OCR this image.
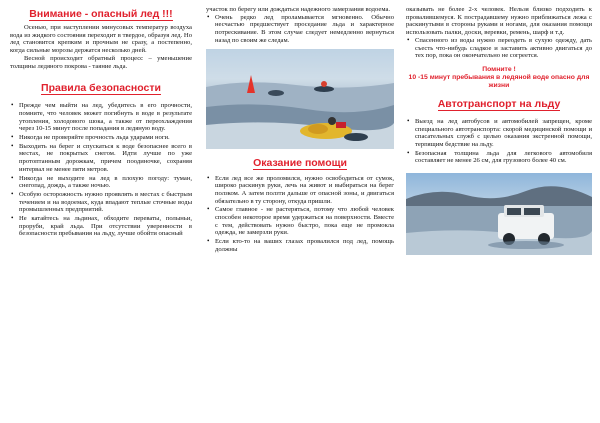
Внимание - опасный лед !!!

Осенью, при наступлении минусовых температур воздуха вода из жидкого состояния переходит в твердое, образуя лед. Но лед становится крепким и прочным не сразу, а постепенно, когда сильные морозы держатся несколько дней.

Весной происходит обратный процесс – уменьшение толщины ледяного покрова - таяние льда.

Правила безопасности
• Прежде чем выйти на лед, убедитесь в его прочности, помните, что человек может погибнуть в воде в результате утопления, холодового шока, а также от переохлаждения через 10-15 минут после попадания в ледяную воду.
• Никогда не проверяйте прочность льда ударами ноги.
• Выходить на берег и спускаться к воде безопаснее всего в местах, не покрытых снегом. Идти лучше по уже протоптанным дорожкам, причем поодиночке, сохраняя интервал не менее пяти метров.
• Никогда не выходите на лед в плохую погоду: туман, снегопад, дождь, а также ночью.
• Особую осторожность нужно проявлять в местах с быстрым течением и на водоемах, куда впадают теплые сточные воды промышленных предприятий.
• Не катайтесь на льдинах, обходите переваты, полыньи, проруби, край льда. При отсутствии уверенности в безопасности пребывания на льду, лучше обойти опасный

участок по берегу или дождаться надежного замерзания водоема.

• Очень редко лед проламывается мгновенно. Обычно несчастью предшествует проседание льда и характерное потрескивание. В этом случае следует немедленно вернуться назад по своим же следам.
Оказание помощи
• Если лед все же проломился, нужно освободиться от сумок, широко раскинув руки, лечь на живот и выбираться на берег ползком. А затем ползти дальше от опасной зоны, и двигаться обязательно в ту сторону, откуда пришли.
• Самое главное - не растеряться, потому что любой человек способен некоторое время удержаться на поверхности. Вместе с тем, действовать нужно быстро, пока еще не промокла одежда, не замерзли руки.
• Если кто-то на ваших глазах провалился под лед, помощь должны

оказывать не более 2-х человек. Нельзя близко подходить к провалившемуся. К пострадавшему нужно приближаться лежа с раскинутыми в стороны руками и ногами, для оказания помощи использовать палки, доски, веревки, ремень, шарф и т.д.

• Спасенного из воды нужно переодеть в сухую одежду, дать съесть что-нибудь сладкое и заставить активно двигаться до тех пор, пока он окончательно не согреется.
Помните !
10 -15 минут пребывания в ледяной воде опасно для жизни
Автотранспорт на льду
• Выезд на лед автобусов и автомобилей запрещен, кроме специального автотранспорта: скорой медицинской помощи и спасательных служб с целью оказания экстренной помощи, терпящим бедствие на льду.
• Безопасная толщина льда для легкового автомобиля составляет не менее 26 см, для грузового более 40 см.
